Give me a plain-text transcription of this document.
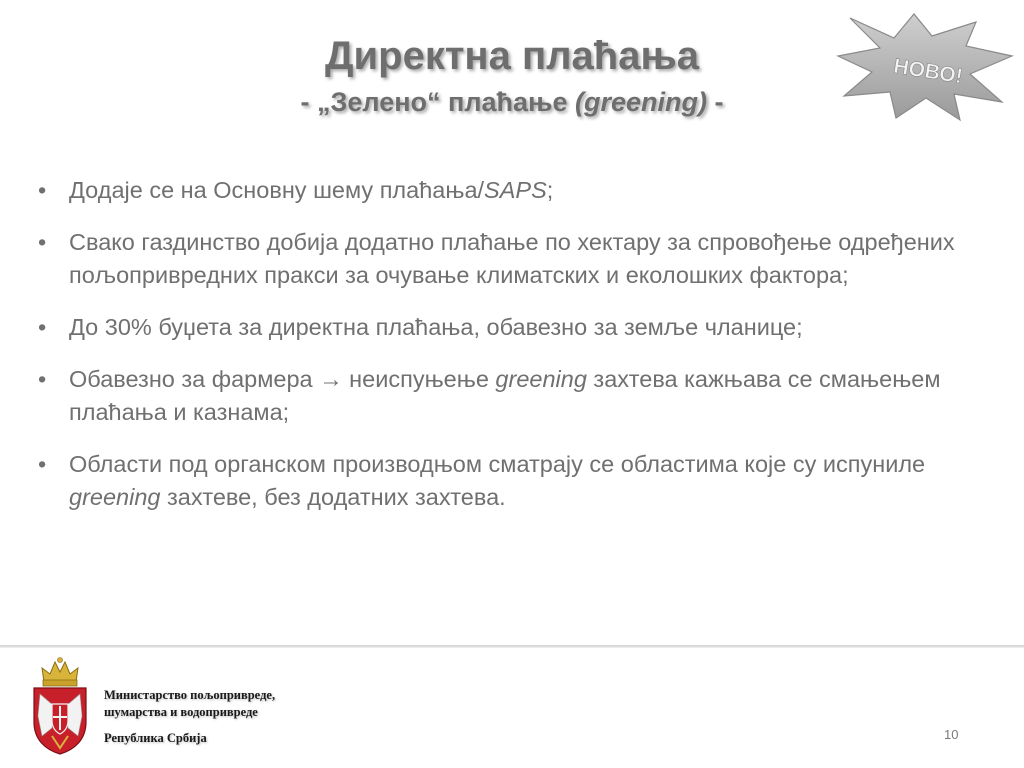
Директна плаћања
- „Зелено“ плаћање (greening) -
НОВО!
• Додаје се на Основну шему плаћања/SAPS;
• Свако газдинство добија додатно плаћање по хектару за спровођење одређених пољопривредних пракси за очување климатских и еколошких фактора;
• До 30% буџета за директна плаћања, обавезно за земље чланице;
• Обавезно за фармера → неиспуњење greening захтева кажњава се смањењем плаћања и казнама;
• Области под органском производњом сматрају се областима које су испуниле greening захтеве, без додатних захтева.
Министарство пољопривреде,
шумарства и водопривреде
Република Србија	10
